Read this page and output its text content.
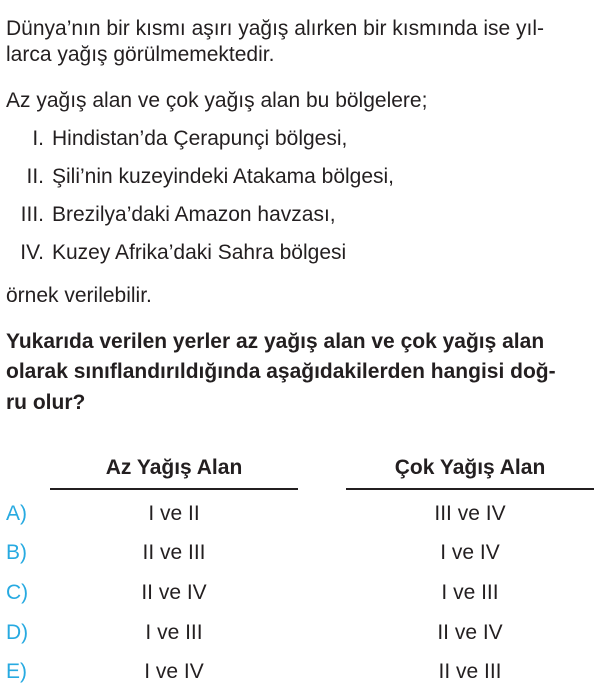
Dünya’nın bir kısmı aşırı yağış alırken bir kısmında ise yıl-
larca yağış görülmemektedir.
Az yağış alan ve çok yağış alan bu bölgelere;
I. Hindistan’da Çerapunçi bölgesi,
II. Şili’nin kuzeyindeki Atakama bölgesi,
III. Brezilya’daki Amazon havzası,
IV. Kuzey Afrika’daki Sahra bölgesi
örnek verilebilir.
Yukarıda verilen yerler az yağış alan ve çok yağış alan
olarak sınıflandırıldığında aşağıdakilerden hangisi doğ-
ru olur?
Az Yağış Alan	Çok Yağış Alan
A)	I ve II	III ve IV
B)	II ve III	I ve IV
C)	II ve IV	I ve III
D)	I ve III	II ve IV
E)	I ve IV	II ve III
